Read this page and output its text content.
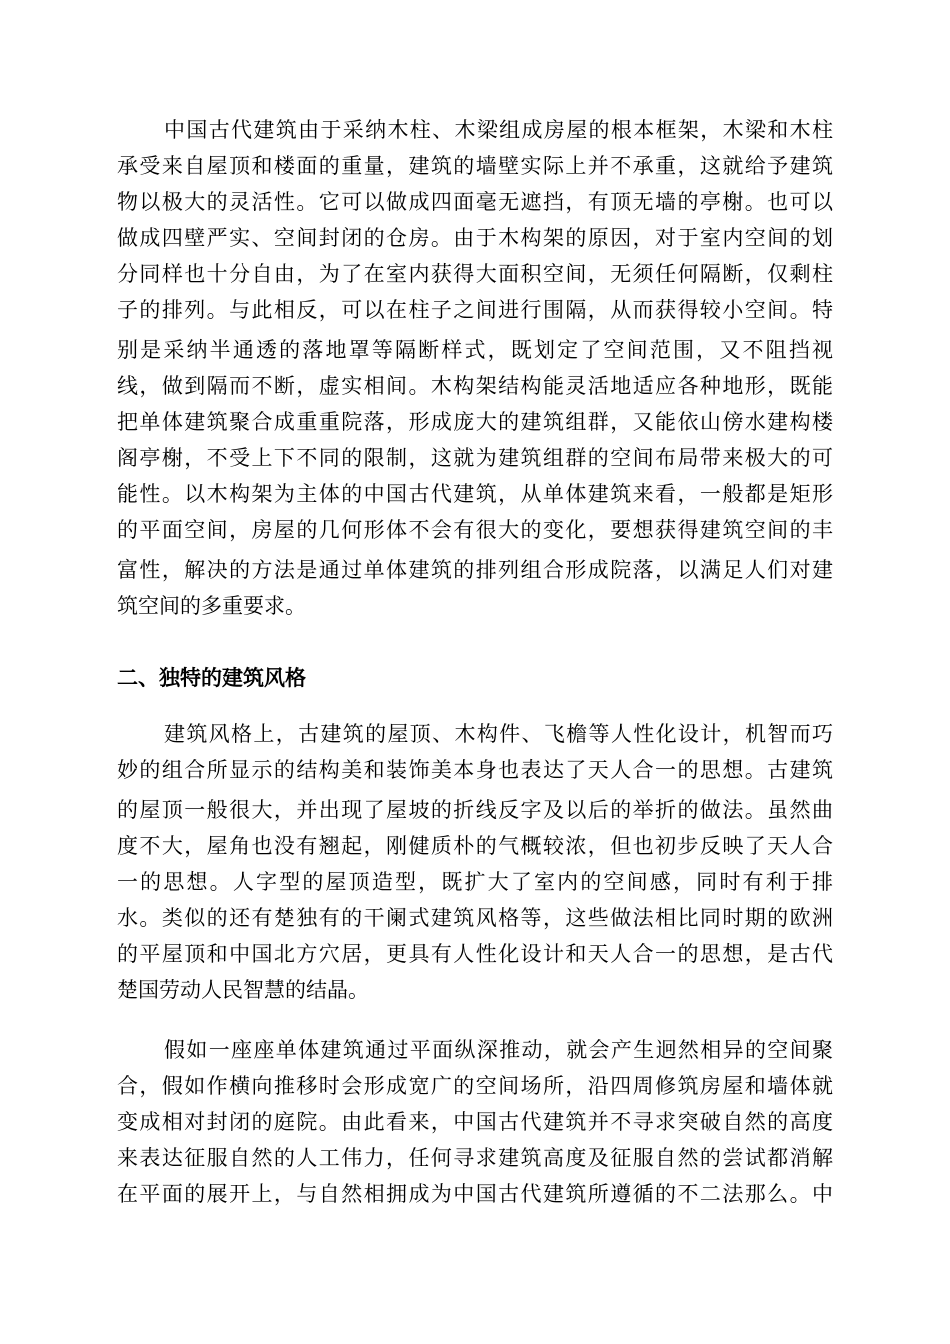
中国古代建筑由于采纳木柱、木梁组成房屋的根本框架，木梁和木柱
承受来自屋顶和楼面的重量，建筑的墙壁实际上并不承重，这就给予建筑
物以极大的灵活性。它可以做成四面毫无遮挡，有顶无墙的亭榭。也可以
做成四壁严实、空间封闭的仓房。由于木构架的原因，对于室内空间的划
分同样也十分自由，为了在室内获得大面积空间，无须任何隔断，仅剩柱
子的排列。与此相反，可以在柱子之间进行围隔，从而获得较小空间。特
别是采纳半通透的落地罩等隔断样式，既划定了空间范围，又不阻挡视
线，做到隔而不断，虚实相间。木构架结构能灵活地适应各种地形，既能
把单体建筑聚合成重重院落，形成庞大的建筑组群，又能依山傍水建构楼
阁亭榭，不受上下不同的限制，这就为建筑组群的空间布局带来极大的可
能性。以木构架为主体的中国古代建筑，从单体建筑来看，一般都是矩形
的平面空间，房屋的几何形体不会有很大的变化，要想获得建筑空间的丰
富性，解决的方法是通过单体建筑的排列组合形成院落，以满足人们对建
筑空间的多重要求。
二、独特的建筑风格
建筑风格上，古建筑的屋顶、木构件、飞檐等人性化设计，机智而巧
妙的组合所显示的结构美和装饰美本身也表达了天人合一的思想。古建筑
的屋顶一般很大，并出现了屋坡的折线反字及以后的举折的做法。虽然曲
度不大，屋角也没有翘起，刚健质朴的气概较浓，但也初步反映了天人合
一的思想。人字型的屋顶造型，既扩大了室内的空间感，同时有利于排
水。类似的还有楚独有的干阑式建筑风格等，这些做法相比同时期的欧洲
的平屋顶和中国北方穴居，更具有人性化设计和天人合一的思想，是古代
楚国劳动人民智慧的结晶。
假如一座座单体建筑通过平面纵深推动，就会产生迥然相异的空间聚
合，假如作横向推移时会形成宽广的空间场所，沿四周修筑房屋和墙体就
变成相对封闭的庭院。由此看来，中国古代建筑并不寻求突破自然的高度
来表达征服自然的人工伟力，任何寻求建筑高度及征服自然的尝试都消解
在平面的展开上，与自然相拥成为中国古代建筑所遵循的不二法那么。中
